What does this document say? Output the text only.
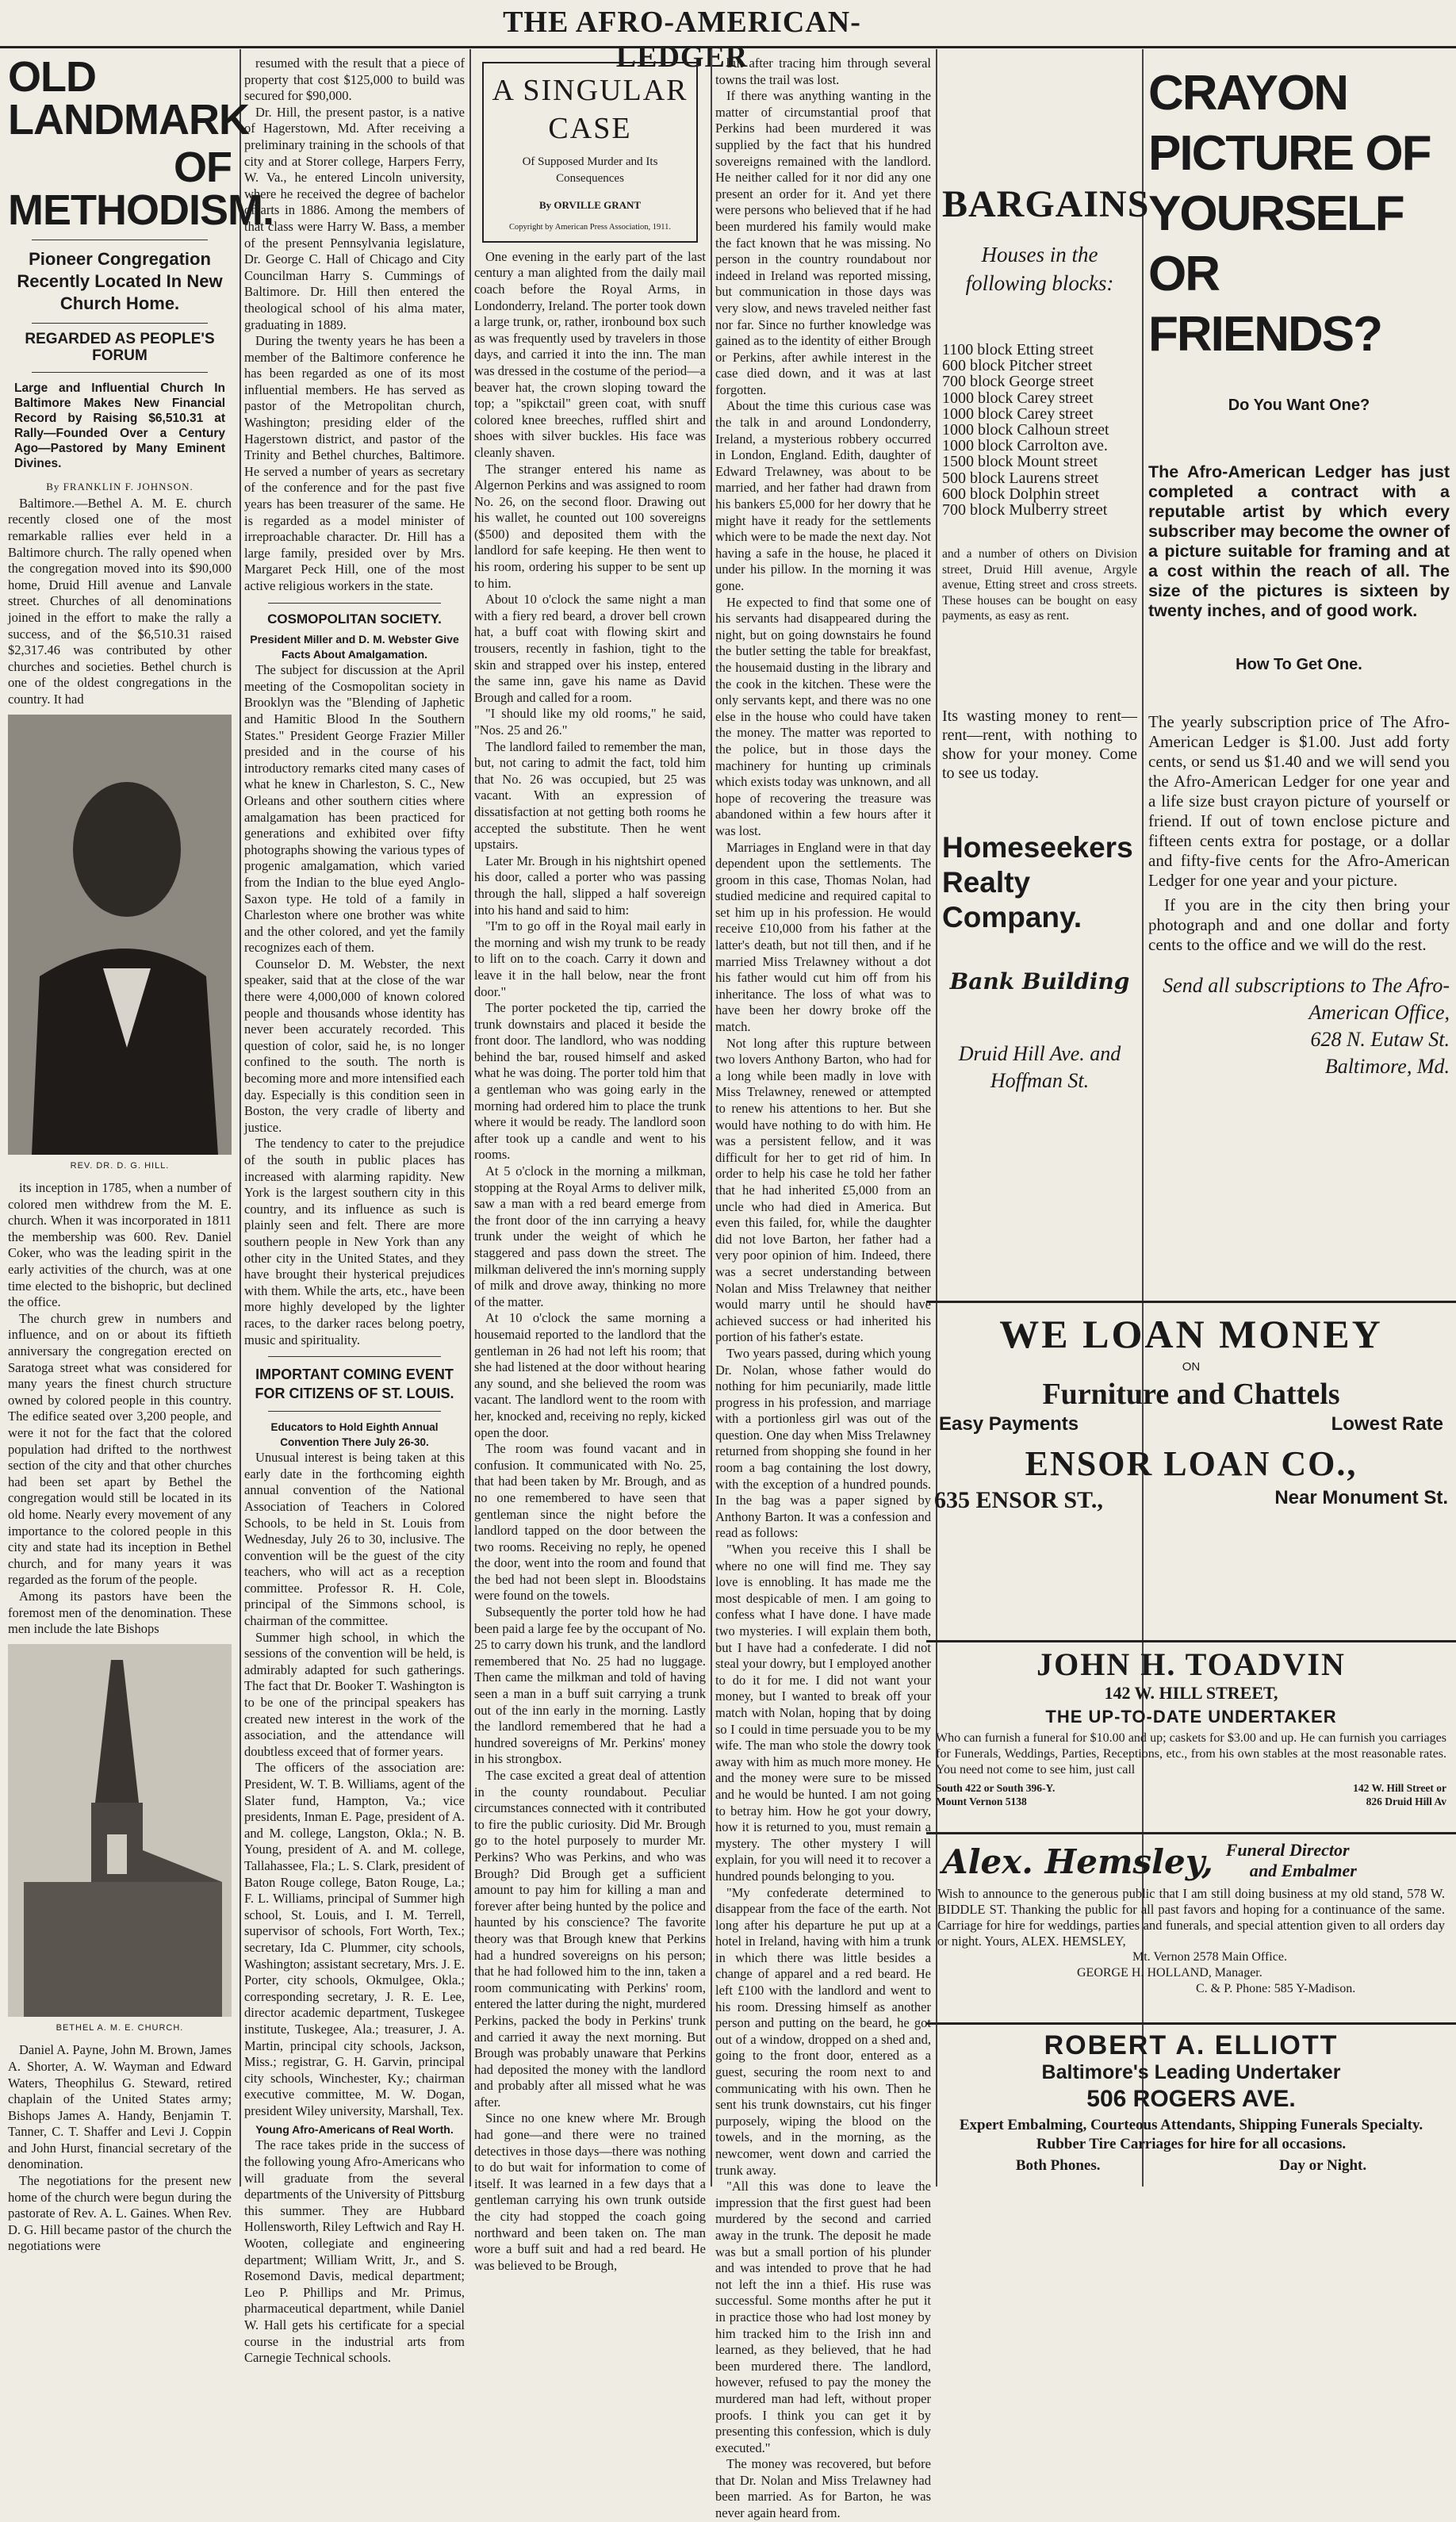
THE AFRO-AMERICAN-LEDGER
OLD LANDMARK
OF METHODISM.
Pioneer Congregation Recently Located In New Church Home.
REGARDED AS PEOPLE'S FORUM
Large and Influential Church In Baltimore Makes New Financial Record by Raising $6,510.31 at Rally—Founded Over a Century Ago—Pastored by Many Eminent Divines.
By FRANKLIN F. JOHNSON.

Baltimore.—Bethel A. M. E. church recently closed one of the most remarkable rallies ever held in a Baltimore church. The rally opened when the congregation moved into its $90,000 home, Druid Hill avenue and Lanvale street. Churches of all denominations joined in the effort to make the rally a success, and of the $6,510.31 raised $2,317.46 was contributed by other churches and societies. Bethel church is one of the oldest congregations in the country. It had

REV. DR. D. G. HILL.

its inception in 1785, when a number of colored men withdrew from the M. E. church. When it was incorporated in 1811 the membership was 600. Rev. Daniel Coker, who was the leading spirit in the early activities of the church, was at one time elected to the bishopric, but declined the office.

The church grew in numbers and influence, and on or about its fiftieth anniversary the congregation erected on Saratoga street what was considered for many years the finest church structure owned by colored people in this country. The edifice seated over 3,200 people, and were it not for the fact that the colored population had drifted to the northwest section of the city and that other churches had been set apart by Bethel the congregation would still be located in its old home. Nearly every movement of any importance to the colored people in this city and state had its inception in Bethel church, and for many years it was regarded as the forum of the people.

Among its pastors have been the foremost men of the denomination. These men include the late Bishops

BETHEL A. M. E. CHURCH.

Daniel A. Payne, John M. Brown, James A. Shorter, A. W. Wayman and Edward Waters, Theophilus G. Steward, retired chaplain of the United States army; Bishops James A. Handy, Benjamin T. Tanner, C. T. Shaffer and Levi J. Coppin and John Hurst, financial secretary of the denomination.

The negotiations for the present new home of the church were begun during the pastorate of Rev. A. L. Gaines. When Rev. D. G. Hill became pastor of the church the negotiations were

resumed with the result that a piece of property that cost $125,000 to build was secured for $90,000.

Dr. Hill, the present pastor, is a native of Hagerstown, Md. After receiving a preliminary training in the schools of that city and at Storer college, Harpers Ferry, W. Va., he entered Lincoln university, where he received the degree of bachelor of arts in 1886. Among the members of that class were Harry W. Bass, a member of the present Pennsylvania legislature, Dr. George C. Hall of Chicago and City Councilman Harry S. Cummings of Baltimore. Dr. Hill then entered the theological school of his alma mater, graduating in 1889.

During the twenty years he has been a member of the Baltimore conference he has been regarded as one of its most influential members. He has served as pastor of the Metropolitan church, Washington; presiding elder of the Hagerstown district, and pastor of the Trinity and Bethel churches, Baltimore. He served a number of years as secretary of the conference and for the past five years has been treasurer of the same. He is regarded as a model minister of irreproachable character. Dr. Hill has a large family, presided over by Mrs. Margaret Peck Hill, one of the most active religious workers in the state.

COSMOPOLITAN SOCIETY.
President Miller and D. M. Webster Give Facts About Amalgamation.

The subject for discussion at the April meeting of the Cosmopolitan society in Brooklyn was the "Blending of Japhetic and Hamitic Blood In the Southern States." President George Frazier Miller presided and in the course of his introductory remarks cited many cases of what he knew in Charleston, S. C., New Orleans and other southern cities where amalgamation has been practiced for generations and exhibited over fifty photographs showing the various types of progenic amalgamation, which varied from the Indian to the blue eyed Anglo-Saxon type. He told of a family in Charleston where one brother was white and the other colored, and yet the family recognizes each of them.

Counselor D. M. Webster, the next speaker, said that at the close of the war there were 4,000,000 of known colored people and thousands whose identity has never been accurately recorded. This question of color, said he, is no longer confined to the south. The north is becoming more and more intensified each day. Especially is this condition seen in Boston, the very cradle of liberty and justice.

The tendency to cater to the prejudice of the south in public places has increased with alarming rapidity. New York is the largest southern city in this country, and its influence as such is plainly seen and felt. There are more southern people in New York than any other city in the United States, and they have brought their hysterical prejudices with them. While the arts, etc., have been more highly developed by the lighter races, to the darker races belong poetry, music and spirituality.

IMPORTANT COMING EVENT FOR CITIZENS OF ST. LOUIS.
Educators to Hold Eighth Annual Convention There July 26-30.

Unusual interest is being taken at this early date in the forthcoming eighth annual convention of the National Association of Teachers in Colored Schools, to be held in St. Louis from Wednesday, July 26 to 30, inclusive. The convention will be the guest of the city teachers, who will act as a reception committee. Professor R. H. Cole, principal of the Simmons school, is chairman of the committee.

Summer high school, in which the sessions of the convention will be held, is admirably adapted for such gatherings. The fact that Dr. Booker T. Washington is to be one of the principal speakers has created new interest in the work of the association, and the attendance will doubtless exceed that of former years.

The officers of the association are: President, W. T. B. Williams, agent of the Slater fund, Hampton, Va.; vice presidents, Inman E. Page, president of A. and M. college, Langston, Okla.; N. B. Young, president of A. and M. college, Tallahassee, Fla.; L. S. Clark, president of Baton Rouge college, Baton Rouge, La.; F. L. Williams, principal of Summer high school, St. Louis, and I. M. Terrell, supervisor of schools, Fort Worth, Tex.; secretary, Ida C. Plummer, city schools, Washington; assistant secretary, Mrs. J. E. Porter, city schools, Okmulgee, Okla.; corresponding secretary, J. R. E. Lee, director academic department, Tuskegee institute, Tuskegee, Ala.; treasurer, J. A. Martin, principal city schools, Jackson, Miss.; registrar, G. H. Garvin, principal city schools, Winchester, Ky.; chairman executive committee, M. W. Dogan, president Wiley university, Marshall, Tex.

Young Afro-Americans of Real Worth.

The race takes pride in the success of the following young Afro-Americans who will graduate from the several departments of the University of Pittsburg this summer. They are Hubbard Hollensworth, Riley Leftwich and Ray H. Wooten, collegiate and engineering department; William Writt, Jr., and S. Rosemond Davis, medical department; Leo P. Phillips and Mr. Primus, pharmaceutical department, while Daniel W. Hall gets his certificate for a special course in the industrial arts from Carnegie Technical schools.

A SINGULAR
CASE
Of Supposed Murder and Its Consequences
By ORVILLE GRANT
Copyright by American Press Association, 1911.

One evening in the early part of the last century a man alighted from the daily mail coach before the Royal Arms, in Londonderry, Ireland. The porter took down a large trunk, or, rather, ironbound box such as was frequently used by travelers in those days, and carried it into the inn. The man was dressed in the costume of the period—a beaver hat, the crown sloping toward the top; a "spikctail" green coat, with snuff colored knee breeches, ruffled shirt and shoes with silver buckles. His face was cleanly shaven.

The stranger entered his name as Algernon Perkins and was assigned to room No. 26, on the second floor. Drawing out his wallet, he counted out 100 sovereigns ($500) and deposited them with the landlord for safe keeping. He then went to his room, ordering his supper to be sent up to him.

About 10 o'clock the same night a man with a fiery red beard, a drover bell crown hat, a buff coat with flowing skirt and trousers, recently in fashion, tight to the skin and strapped over his instep, entered the same inn, gave his name as David Brough and called for a room.

"I should like my old rooms," he said, "Nos. 25 and 26."

The landlord failed to remember the man, but, not caring to admit the fact, told him that No. 26 was occupied, but 25 was vacant. With an expression of dissatisfaction at not getting both rooms he accepted the substitute. Then he went upstairs.

Later Mr. Brough in his nightshirt opened his door, called a porter who was passing through the hall, slipped a half sovereign into his hand and said to him:

"I'm to go off in the Royal mail early in the morning and wish my trunk to be ready to lift on to the coach. Carry it down and leave it in the hall below, near the front door."

The porter pocketed the tip, carried the trunk downstairs and placed it beside the front door. The landlord, who was nodding behind the bar, roused himself and asked what he was doing. The porter told him that a gentleman who was going early in the morning had ordered him to place the trunk where it would be ready. The landlord soon after took up a candle and went to his rooms.

At 5 o'clock in the morning a milkman, stopping at the Royal Arms to deliver milk, saw a man with a red beard emerge from the front door of the inn carrying a heavy trunk under the weight of which he staggered and pass down the street. The milkman delivered the inn's morning supply of milk and drove away, thinking no more of the matter.

At 10 o'clock the same morning a housemaid reported to the landlord that the gentleman in 26 had not left his room; that she had listened at the door without hearing any sound, and she believed the room was vacant. The landlord went to the room with her, knocked and, receiving no reply, kicked open the door.

The room was found vacant and in confusion. It communicated with No. 25, that had been taken by Mr. Brough, and as no one remembered to have seen that gentleman since the night before the landlord tapped on the door between the two rooms. Receiving no reply, he opened the door, went into the room and found that the bed had not been slept in. Bloodstains were found on the towels.

Subsequently the porter told how he had been paid a large fee by the occupant of No. 25 to carry down his trunk, and the landlord remembered that No. 25 had no luggage. Then came the milkman and told of having seen a man in a buff suit carrying a trunk out of the inn early in the morning. Lastly the landlord remembered that he had a hundred sovereigns of Mr. Perkins' money in his strongbox.

The case excited a great deal of attention in the county roundabout. Peculiar circumstances connected with it contributed to fire the public curiosity. Did Mr. Brough go to the hotel purposely to murder Mr. Perkins? Who was Perkins, and who was Brough? Did Brough get a sufficient amount to pay him for killing a man and forever after being hunted by the police and haunted by his conscience? The favorite theory was that Brough knew that Perkins had a hundred sovereigns on his person; that he had followed him to the inn, taken a room communicating with Perkins' room, entered the latter during the night, murdered Perkins, packed the body in Perkins' trunk and carried it away the next morning. But Brough was probably unaware that Perkins had deposited the money with the landlord and probably after all missed what he was after.

Since no one knew where Mr. Brough had gone—and there were no trained detectives in those days—there was nothing to do but wait for information to come of itself. It was learned in a few days that a gentleman carrying his own trunk outside the city had stopped the coach going northward and been taken on. The man wore a buff suit and had a red beard. He was believed to be Brough,

but after tracing him through several towns the trail was lost.

If there was anything wanting in the matter of circumstantial proof that Perkins had been murdered it was supplied by the fact that his hundred sovereigns remained with the landlord. He neither called for it nor did any one present an order for it. And yet there were persons who believed that if he had been murdered his family would make the fact known that he was missing. No person in the country roundabout nor indeed in Ireland was reported missing, but communication in those days was very slow, and news traveled neither fast nor far. Since no further knowledge was gained as to the identity of either Brough or Perkins, after awhile interest in the case died down, and it was at last forgotten.

About the time this curious case was the talk in and around Londonderry, Ireland, a mysterious robbery occurred in London, England. Edith, daughter of Edward Trelawney, was about to be married, and her father had drawn from his bankers £5,000 for her dowry that he might have it ready for the settlements which were to be made the next day. Not having a safe in the house, he placed it under his pillow. In the morning it was gone.

He expected to find that some one of his servants had disappeared during the night, but on going downstairs he found the butler setting the table for breakfast, the housemaid dusting in the library and the cook in the kitchen. These were the only servants kept, and there was no one else in the house who could have taken the money. The matter was reported to the police, but in those days the machinery for hunting up criminals which exists today was unknown, and all hope of recovering the treasure was abandoned within a few hours after it was lost.

Marriages in England were in that day dependent upon the settlements. The groom in this case, Thomas Nolan, had studied medicine and required capital to set him up in his profession. He would receive £10,000 from his father at the latter's death, but not till then, and if he married Miss Trelawney without a dot his father would cut him off from his inheritance. The loss of what was to have been her dowry broke off the match.

Not long after this rupture between two lovers Anthony Barton, who had for a long while been madly in love with Miss Trelawney, renewed or attempted to renew his attentions to her. But she would have nothing to do with him. He was a persistent fellow, and it was difficult for her to get rid of him. In order to help his case he told her father that he had inherited £5,000 from an uncle who had died in America. But even this failed, for, while the daughter did not love Barton, her father had a very poor opinion of him. Indeed, there was a secret understanding between Nolan and Miss Trelawney that neither would marry until he should have achieved success or had inherited his portion of his father's estate.

Two years passed, during which young Dr. Nolan, whose father would do nothing for him pecuniarily, made little progress in his profession, and marriage with a portionless girl was out of the question. One day when Miss Trelawney returned from shopping she found in her room a bag containing the lost dowry, with the exception of a hundred pounds. In the bag was a paper signed by Anthony Barton. It was a confession and read as follows:

"When you receive this I shall be where no one will find me. They say love is ennobling. It has made me the most despicable of men. I am going to confess what I have done. I have made two mysteries. I will explain them both, but I have had a confederate. I did not steal your dowry, but I employed another to do it for me. I did not want your money, but I wanted to break off your match with Nolan, hoping that by doing so I could in time persuade you to be my wife. The man who stole the dowry took away with him as much more money. He and the money were sure to be missed and he would be hunted. I am not going to betray him. How he got your dowry, how it is returned to you, must remain a mystery. The other mystery I will explain, for you will need it to recover a hundred pounds belonging to you.

"My confederate determined to disappear from the face of the earth. Not long after his departure he put up at a hotel in Ireland, having with him a trunk in which there was little besides a change of apparel and a red beard. He left £100 with the landlord and went to his room. Dressing himself as another person and putting on the beard, he got out of a window, dropped on a shed and, going to the front door, entered as a guest, securing the room next to and communicating with his own. Then he sent his trunk downstairs, cut his finger purposely, wiping the blood on the towels, and in the morning, as the newcomer, went down and carried the trunk away.

"All this was done to leave the impression that the first guest had been murdered by the second and carried away in the trunk. The deposit he made was but a small portion of his plunder and was intended to prove that he had not left the inn a thief. His ruse was successful. Some months after he put it in practice those who had lost money by him tracked him to the Irish inn and learned, as they believed, that he had been murdered there. The landlord, however, refused to pay the money the murdered man had left, without proper proofs. I think you can get it by presenting this confession, which is duly executed."

The money was recovered, but before that Dr. Nolan and Miss Trelawney had been married. As for Barton, he was never again heard from.

BARGAINS
Houses in the following blocks:
1100 block Etting street
600 block Pitcher street
700 block George street
1000 block Carey street
1000 block Carey street
1000 block Calhoun street
1000 block Carrolton ave.
1500 block Mount street
500 block Laurens street
600 block Dolphin street
700 block Mulberry street
and a number of others on Division street, Druid Hill avenue, Argyle avenue, Etting street and cross streets. These houses can be bought on easy payments, as easy as rent.
Its wasting money to rent—rent—rent, with nothing to show for your money. Come to see us today.
Homeseekers
Realty
Company.
Bank Building
Druid Hill Ave. and
Hoffman St.
CRAYON
PICTURE OF
YOURSELF
OR FRIENDS?
Do You Want One?
The Afro-American Ledger has just completed a contract with a reputable artist by which every subscriber may become the owner of a picture suitable for framing and at a cost within the reach of all. The size of the pictures is sixteen by twenty inches, and of good work.
How To Get One.
The yearly subscription price of The Afro-American Ledger is $1.00. Just add forty cents, or send us $1.40 and we will send you the Afro-American Ledger for one year and a life size bust crayon picture of yourself or friend. If out of town enclose picture and fifteen cents extra for postage, or a dollar and fifty-five cents for the Afro-American Ledger for one year and your picture.
If you are in the city then bring your photograph and and one dollar and forty cents to the office and we will do the rest.
Send all subscriptions to The Afro-American Office,
628 N. Eutaw St.
Baltimore, Md.
WE LOAN MONEY
ON
Furniture and Chattels
Easy Payments	Lowest Rate
ENSOR LOAN CO.,
635 ENSOR ST.,	Near Monument St.
JOHN H. TOADVIN
142 W. HILL STREET,
THE UP-TO-DATE UNDERTAKER
Who can furnish a funeral for $10.00 and up; caskets for $3.00 and up. He can furnish you carriages for Funerals, Weddings, Parties, Receptions, etc., from his own stables at the most reasonable rates. You need not come to see him, just call
South 422 or South 396-Y.
Mount Vernon 5138
142 W. Hill Street or
826 Druid Hill Av
Alex. Hemsley, Funeral Director
and Embalmer
Wish to announce to the generous public that I am still doing business at my old stand, 578 W. BIDDLE ST. Thanking the public for all past favors and hoping for a continuance of the same. Carriage for hire for weddings, parties and funerals, and special attention given to all orders day or night. Yours, ALEX. HEMSLEY,
Mt. Vernon 2578 Main Office.
GEORGE H. HOLLAND, Manager.
C. & P. Phone: 585 Y-Madison.
ROBERT A. ELLIOTT
Baltimore's Leading Undertaker
506 ROGERS AVE.
Expert Embalming, Courteous Attendants, Shipping Funerals Specialty. Rubber Tire Carriages for hire for all occasions.
Both Phones.	Day or Night.
